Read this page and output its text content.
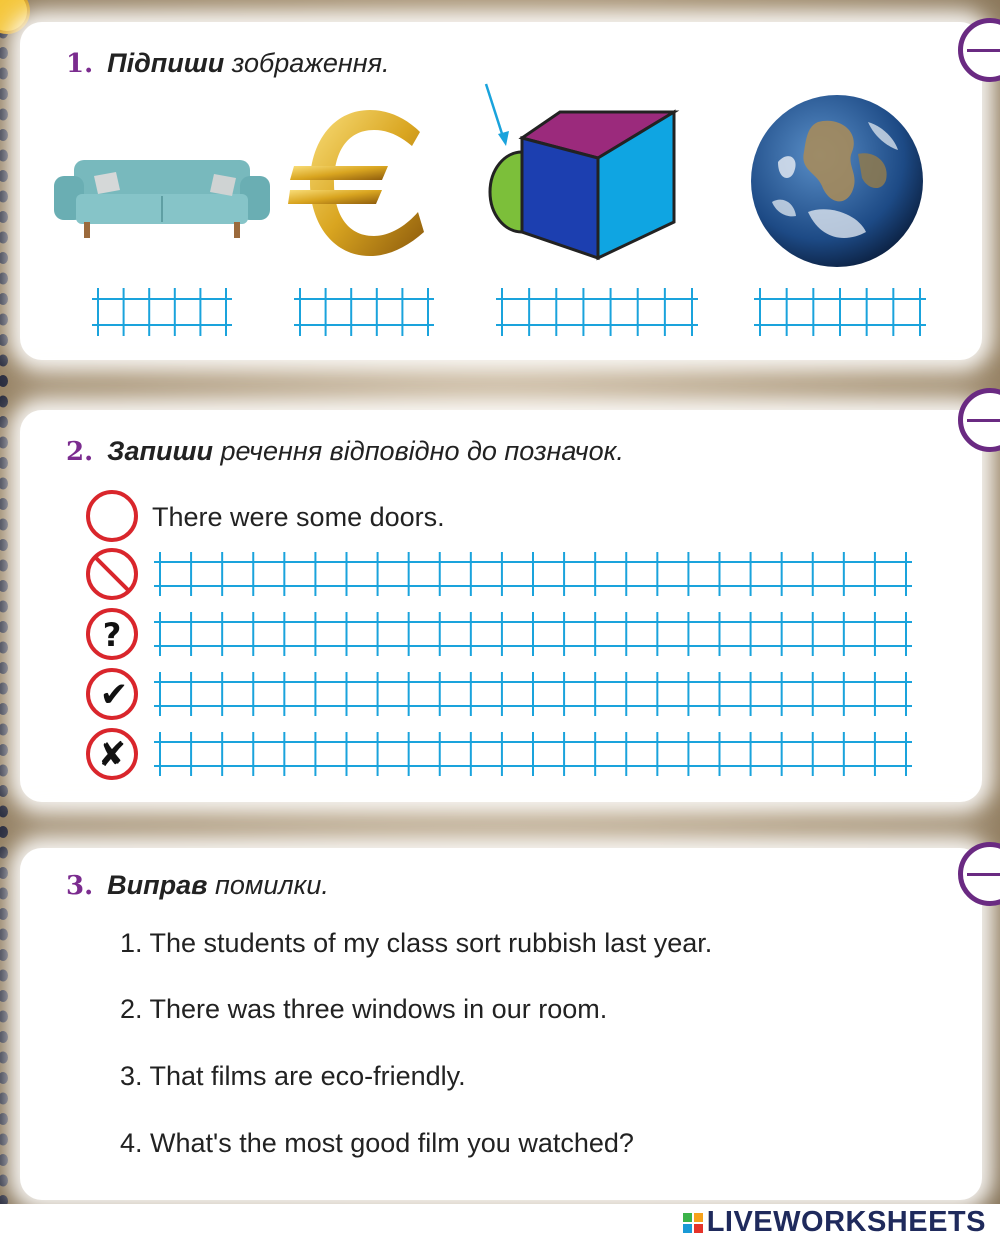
1. Підпиши зображення.
2. Запиши речення відповідно до позначок.
There were some doors.
?
✔
✘
3. Виправ помилки.
1. The students of my class sort rubbish last year.
2. There was three windows in our room.
3. That films are eco-friendly.
4. What's the most good film you watched?
LIVEWORKSHEETS
